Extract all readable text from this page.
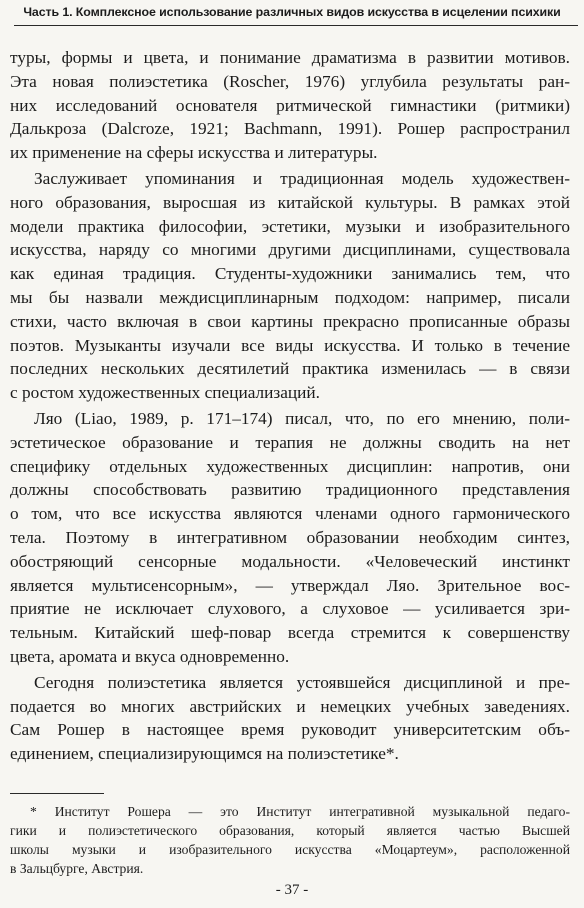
Часть 1. Комплексное использование различных видов искусства в исцелении психики

туры, формы и цвета, и понимание драматизма в развитии мотивов.
Эта новая полиэстетика (Roscher, 1976) углубила результаты ран-
них исследований основателя ритмической гимнастики (ритмики)
Далькроза (Dalcroze, 1921; Bachmann, 1991). Рошер распространил
их применение на сферы искусства и литературы.

Заслуживает упоминания и традиционная модель художествен-
ного образования, выросшая из китайской культуры. В рамках этой
модели практика философии, эстетики, музыки и изобразительного
искусства, наряду со многими другими дисциплинами, существовала
как единая традиция. Студенты-художники занимались тем, что
мы бы назвали междисциплинарным подходом: например, писали
стихи, часто включая в свои картины прекрасно прописанные образы
поэтов. Музыканты изучали все виды искусства. И только в течение
последних нескольких десятилетий практика изменилась — в связи
с ростом художественных специализаций.

Ляо (Liao, 1989, p. 171–174) писал, что, по его мнению, поли-
эстетическое образование и терапия не должны сводить на нет
специфику отдельных художественных дисциплин: напротив, они
должны способствовать развитию традиционного представления
о том, что все искусства являются членами одного гармонического
тела. Поэтому в интегративном образовании необходим синтез,
обостряющий сенсорные модальности. «Человеческий инстинкт
является мультисенсорным», — утверждал Ляо. Зрительное вос-
приятие не исключает слухового, а слуховое — усиливается зри-
тельным. Китайский шеф-повар всегда стремится к совершенству
цвета, аромата и вкуса одновременно.

Сегодня полиэстетика является устоявшейся дисциплиной и пре-
подается во многих австрийских и немецких учебных заведениях.
Сам Рошер в настоящее время руководит университетским объ-
единением, специализирующимся на полиэстетике*.

* Институт Рошера — это Институт интегративной музыкальной педаго-
гики и полиэстетического образования, который является частью Высшей
школы музыки и изобразительного искусства «Моцартеум», расположенной
в Зальцбурге, Австрия.
- 37 -
